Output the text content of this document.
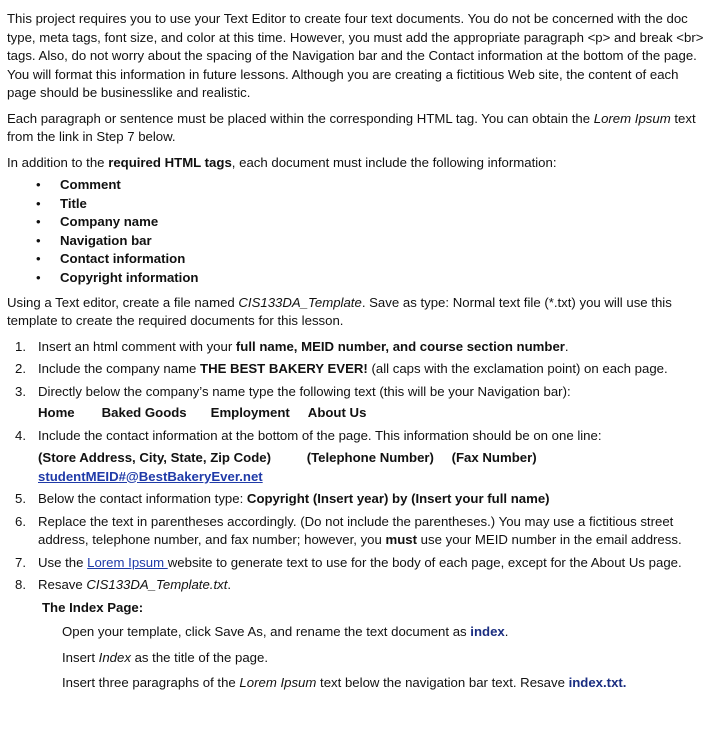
This project requires you to use your Text Editor to create four text documents. You do not be concerned with the doc type, meta tags, font size, and color at this time. However, you must add the appropriate paragraph <p> and break <br> tags. Also, do not worry about the spacing of the Navigation bar and the Contact information at the bottom of the page. You will format this information in future lessons. Although you are creating a fictitious Web site, the content of each page should be businesslike and realistic.

Each paragraph or sentence must be placed within the corresponding HTML tag. You can obtain the Lorem Ipsum text from the link in Step 7 below.

In addition to the required HTML tags, each document must include the following information:

• Comment
• Title
• Company name
• Navigation bar
• Contact information
• Copyright information

Using a Text editor, create a file named CIS133DA_Template. Save as type: Normal text file (*.txt) you will use this template to create the required documents for this lesson.

1. Insert an html comment with your full name, MEID number, and course section number.
2. Include the company name THE BEST BAKERY EVER! (all caps with the exclamation point) on each page.
3. Directly below the company’s name type the following text (this will be your Navigation bar):
Home Baked Goods Employment About Us
4. Include the contact information at the bottom of the page. This information should be on one line:
(Store Address, City, State, Zip Code)	(Telephone Number) (Fax Number)
studentMEID#@BestBakeryEver.net
5. Below the contact information type: Copyright (Insert year) by (Insert your full name)
6. Replace the text in parentheses accordingly. (Do not include the parentheses.) You may use a fictitious street address, telephone number, and fax number; however, you must use your MEID number in the email address.
7. Use the Lorem Ipsum website to generate text to use for the body of each page, except for the About Us page.
8. Resave CIS133DA_Template.txt.
The Index Page:
Open your template, click Save As, and rename the text document as index.
Insert Index as the title of the page.
Insert three paragraphs of the Lorem Ipsum text below the navigation bar text. Resave index.txt.
